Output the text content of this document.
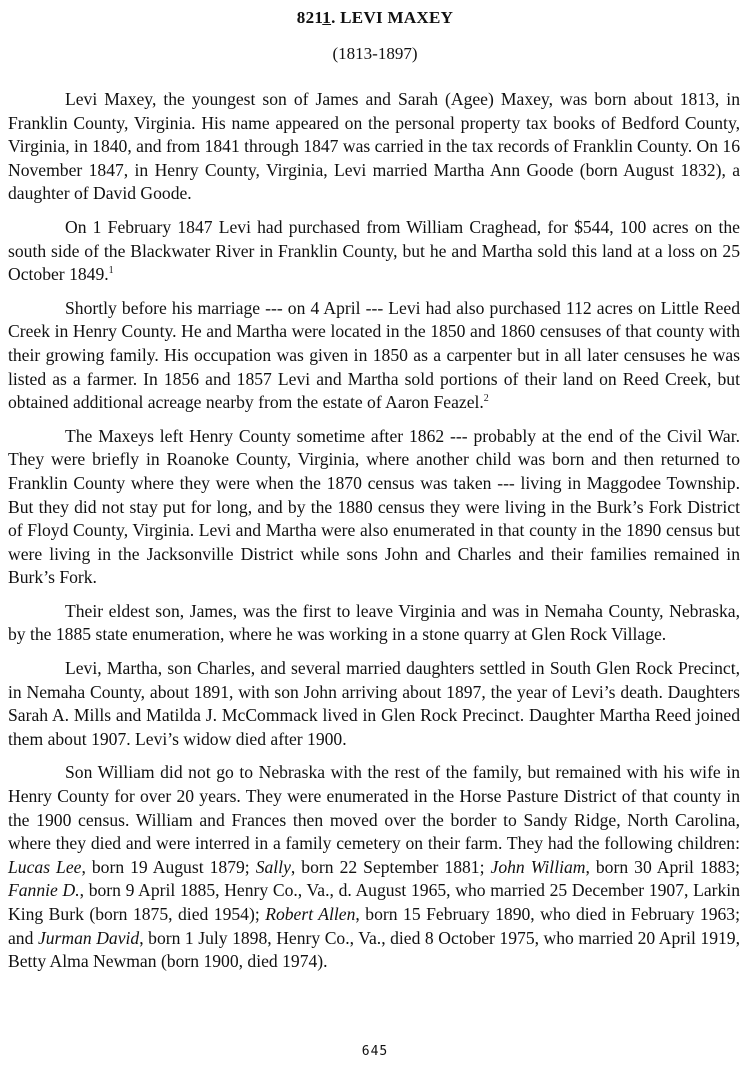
8211. LEVI MAXEY
(1813-1897)

Levi Maxey, the youngest son of James and Sarah (Agee) Maxey, was born about 1813, in Franklin County, Virginia. His name appeared on the personal property tax books of Bedford County, Virginia, in 1840, and from 1841 through 1847 was carried in the tax records of Franklin County. On 16 November 1847, in Henry County, Virginia, Levi married Martha Ann Goode (born August 1832), a daughter of David Goode.

On 1 February 1847 Levi had purchased from William Craghead, for $544, 100 acres on the south side of the Blackwater River in Franklin County, but he and Martha sold this land at a loss on 25 October 1849.$^1$

Shortly before his marriage --- on 4 April --- Levi had also purchased 112 acres on Little Reed Creek in Henry County. He and Martha were located in the 1850 and 1860 censuses of that county with their growing family. His occupation was given in 1850 as a carpenter but in all later censuses he was listed as a farmer. In 1856 and 1857 Levi and Martha sold portions of their land on Reed Creek, but obtained additional acreage nearby from the estate of Aaron Feazel.$^2$

The Maxeys left Henry County sometime after 1862 --- probably at the end of the Civil War. They were briefly in Roanoke County, Virginia, where another child was born and then returned to Franklin County where they were when the 1870 census was taken --- living in Maggodee Township. But they did not stay put for long, and by the 1880 census they were living in the Burk’s Fork District of Floyd County, Virginia. Levi and Martha were also enumerated in that county in the 1890 census but were living in the Jacksonville District while sons John and Charles and their families remained in Burk’s Fork.

Their eldest son, James, was the first to leave Virginia and was in Nemaha County, Nebraska, by the 1885 state enumeration, where he was working in a stone quarry at Glen Rock Village.

Levi, Martha, son Charles, and several married daughters settled in South Glen Rock Precinct, in Nemaha County, about 1891, with son John arriving about 1897, the year of Levi’s death. Daughters Sarah A. Mills and Matilda J. McCommack lived in Glen Rock Precinct. Daughter Martha Reed joined them about 1907. Levi’s widow died after 1900.

Son William did not go to Nebraska with the rest of the family, but remained with his wife in Henry County for over 20 years. They were enumerated in the Horse Pasture District of that county in the 1900 census. William and Frances then moved over the border to Sandy Ridge, North Carolina, where they died and were interred in a family cemetery on their farm. They had the following children: Lucas Lee, born 19 August 1879; Sally, born 22 September 1881; John William, born 30 April 1883; Fannie D., born 9 April 1885, Henry Co., Va., d. August 1965, who married 25 December 1907, Larkin King Burk (born 1875, died 1954); Robert Allen, born 15 February 1890, who died in February 1963; and Jurman David, born 1 July 1898, Henry Co., Va., died 8 October 1975, who married 20 April 1919, Betty Alma Newman (born 1900, died 1974).

645
